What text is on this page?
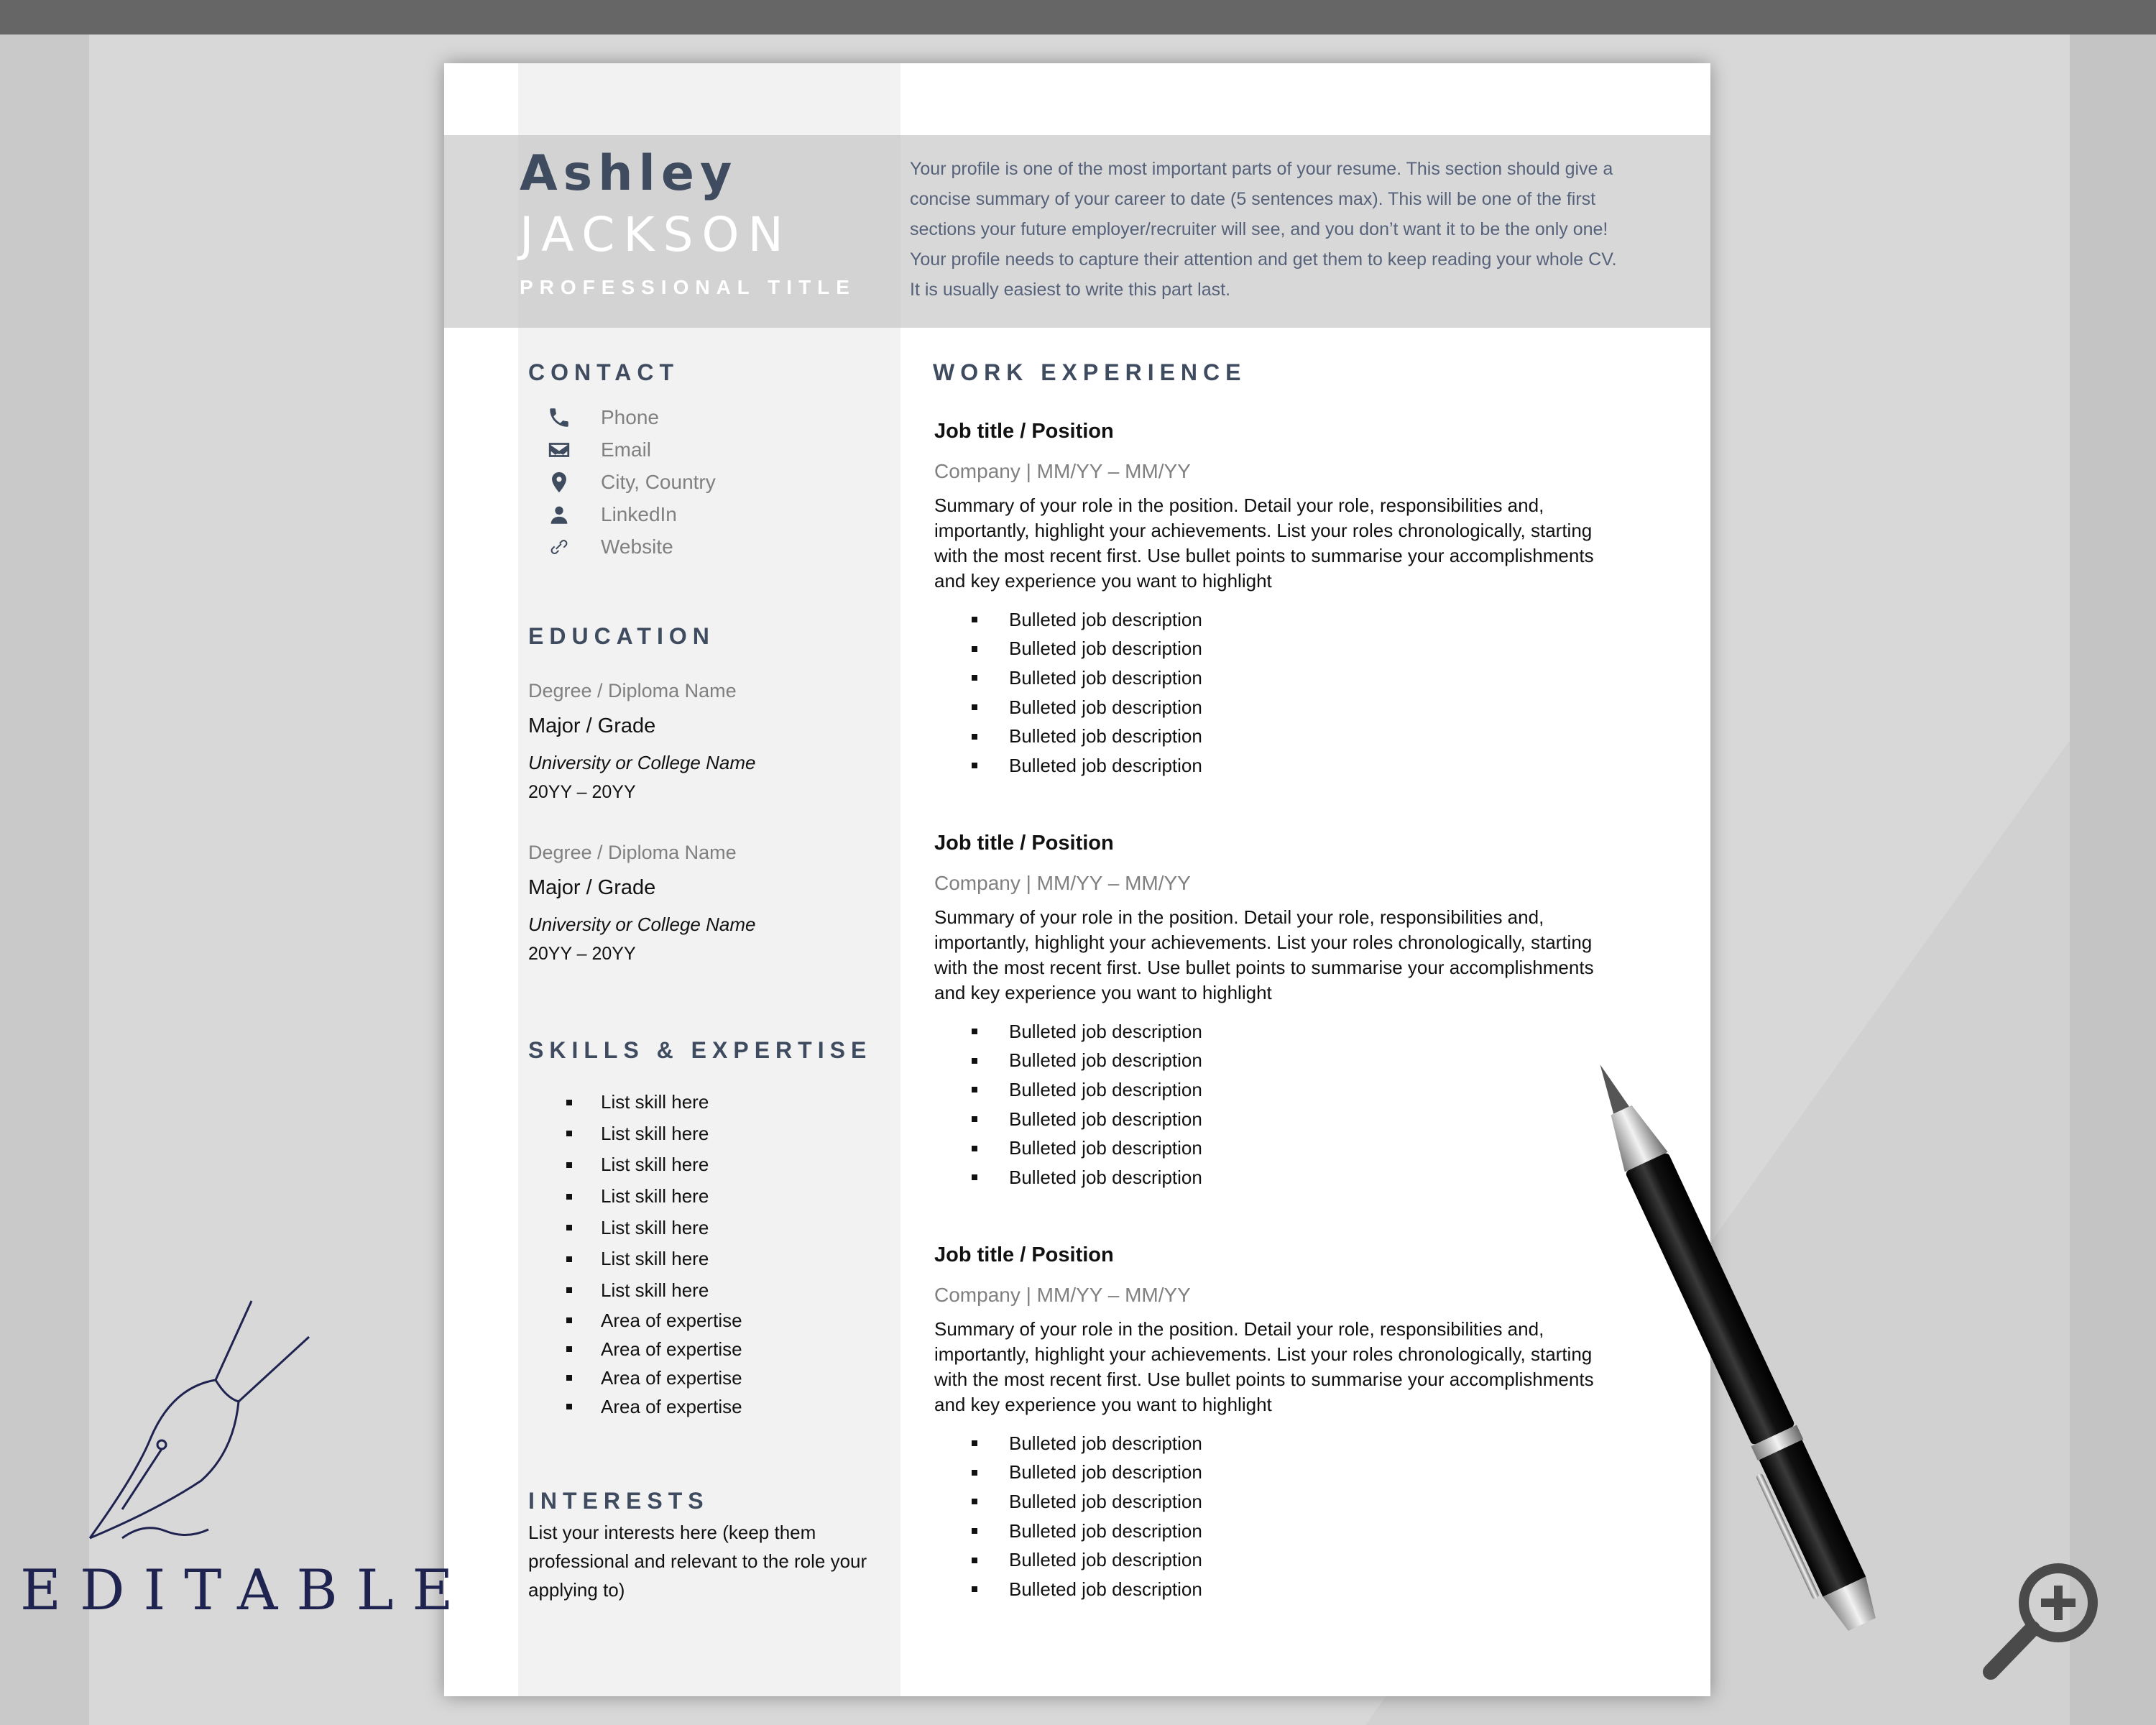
Ashley
JACKSON
PROFESSIONAL TITLE
Your profile is one of the most important parts of your resume. This section should give a concise summary of your career to date (5 sentences max). This will be one of the first sections your future employer/recruiter will see, and you don’t want it to be the only one! Your profile needs to capture their attention and get them to keep reading your whole CV. It is usually easiest to write this part last.
CONTACT
Phone
Email
City, Country
LinkedIn
Website
EDUCATION
Degree / Diploma Name
Major / Grade
University or College Name
20YY – 20YY
Degree / Diploma Name
Major / Grade
University or College Name
20YY – 20YY
SKILLS & EXPERTISE
List skill here
List skill here
List skill here
List skill here
List skill here
List skill here
List skill here
Area of expertise
Area of expertise
Area of expertise
Area of expertise
INTERESTS
List your interests here (keep them professional and relevant to the role your applying to)
WORK EXPERIENCE
Job title / Position
Company | MM/YY – MM/YY
Summary of your role in the position. Detail your role, responsibilities and, importantly, highlight your achievements. List your roles chronologically, starting with the most recent first. Use bullet points to summarise your accomplishments and key experience you want to highlight
Bulleted job description
Bulleted job description
Bulleted job description
Bulleted job description
Bulleted job description
Bulleted job description
Job title / Position
Company | MM/YY – MM/YY
Summary of your role in the position. Detail your role, responsibilities and, importantly, highlight your achievements. List your roles chronologically, starting with the most recent first. Use bullet points to summarise your accomplishments and key experience you want to highlight
Bulleted job description
Bulleted job description
Bulleted job description
Bulleted job description
Bulleted job description
Bulleted job description
Job title / Position
Company | MM/YY – MM/YY
Summary of your role in the position. Detail your role, responsibilities and, importantly, highlight your achievements. List your roles chronologically, starting with the most recent first. Use bullet points to summarise your accomplishments and key experience you want to highlight
Bulleted job description
Bulleted job description
Bulleted job description
Bulleted job description
Bulleted job description
Bulleted job description
EDITABLE
